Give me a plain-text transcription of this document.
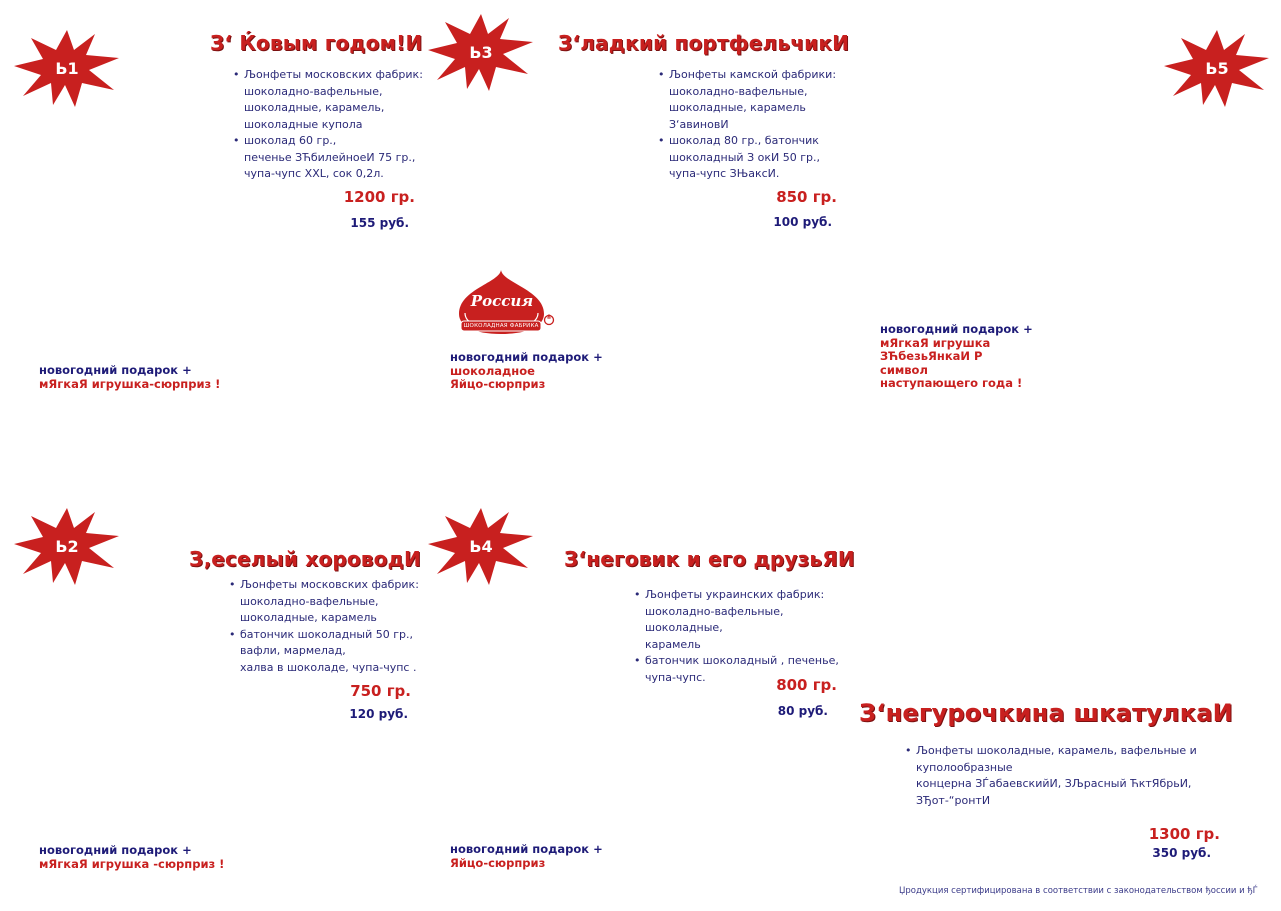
Ь1
Ь3
Ь5
Ь2	Ь4
З‘ Ќовым годом!И	З‘ладкий портфельчикИ
З‚еселый хороводИ	З‘неговик и его друзьЯИ
З‘негурочкина шкатулкаИ
• Љонфеты московских фабрик:
шоколадно-вафельные,
шоколадные, карамель,
шоколадные купола
• шоколад 60 гр.,
печенье ЗЋбилейноеИ 75 гр.,
чупа-чупс XXL, сок 0,2л.
• Љонфеты камской фабрики:
шоколадно-вафельные,
шоколадные, карамель
З‘авиновИ
• шоколад 80 гр., батончик
шоколадный З окИ 50 гр.,
чупа-чупс ЗЊаксИ.
• Љонфеты московских фабрик:
шоколадно-вафельные,
шоколадные, карамель
• батончик шоколадный 50 гр.,
вафли, мармелад,
халва в шоколаде, чупа-чупс .
• Љонфеты украинских фабрик:
шоколадно-вафельные, шоколадные,
карамель
• батончик шоколадный , печенье,
чупа-чупс.
• Љонфеты шоколадные, карамель, вафельные и
куполообразные
концерна ЗЃабаевскийИ, ЗЉрасный ЋктЯбрьИ, ЗЂот-“ронтИ
1200 гр.
155 руб.
850 гр.
100 руб.
750 гр.
120 руб.
800 гр.
80 руб.
1300 гр.
350 руб.
Россия
ШОКОЛАДНАЯ ФАБРИКА
®
новогодний подарок +
мЯгкаЯ игрушка-сюрприз !
новогодний подарок +
шоколадное
Яйцо-сюрприз
новогодний подарок +
мЯгкаЯ игрушка
ЗЋбезьЯнкаИ Р
символ
наступающего года !
новогодний подарок +
мЯгкаЯ игрушка -сюрприз !
новогодний подарок +
Яйцо-сюрприз
Џродукция сертифицирована в соответствии с законодательством ђоссии и ђЃ
